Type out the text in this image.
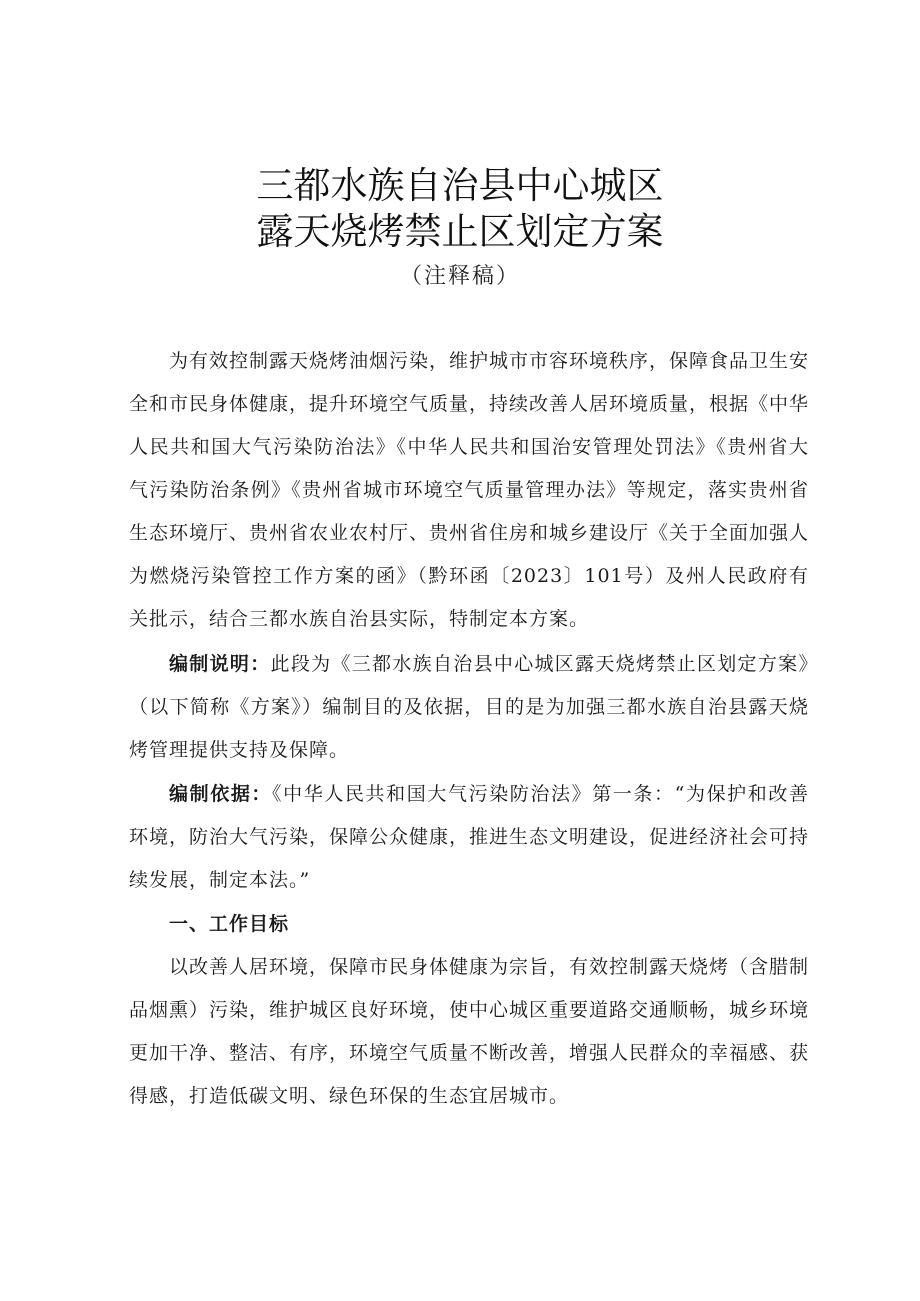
三都水族自治县中心城区
露天烧烤禁止区划定方案
（注释稿）

为有效控制露天烧烤油烟污染，维护城市市容环境秩序，保障食品卫生安全和市民身体健康，提升环境空气质量，持续改善人居环境质量，根据《中华人民共和国大气污染防治法》《中华人民共和国治安管理处罚法》《贵州省大气污染防治条例》《贵州省城市环境空气质量管理办法》等规定，落实贵州省生态环境厅、贵州省农业农村厅、贵州省住房和城乡建设厅《关于全面加强人为燃烧污染管控工作方案的函》（黔环函〔2023〕101号）及州人民政府有关批示，结合三都水族自治县实际，特制定本方案。

编制说明：此段为《三都水族自治县中心城区露天烧烤禁止区划定方案》（以下简称《方案》）编制目的及依据，目的是为加强三都水族自治县露天烧烤管理提供支持及保障。

编制依据：《中华人民共和国大气污染防治法》第一条：“为保护和改善环境，防治大气污染，保障公众健康，推进生态文明建设，促进经济社会可持续发展，制定本法。”

一、工作目标

以改善人居环境，保障市民身体健康为宗旨，有效控制露天烧烤（含腊制品烟熏）污染，维护城区良好环境，使中心城区重要道路交通顺畅，城乡环境更加干净、整洁、有序，环境空气质量不断改善，增强人民群众的幸福感、获得感，打造低碳文明、绿色环保的生态宜居城市。
